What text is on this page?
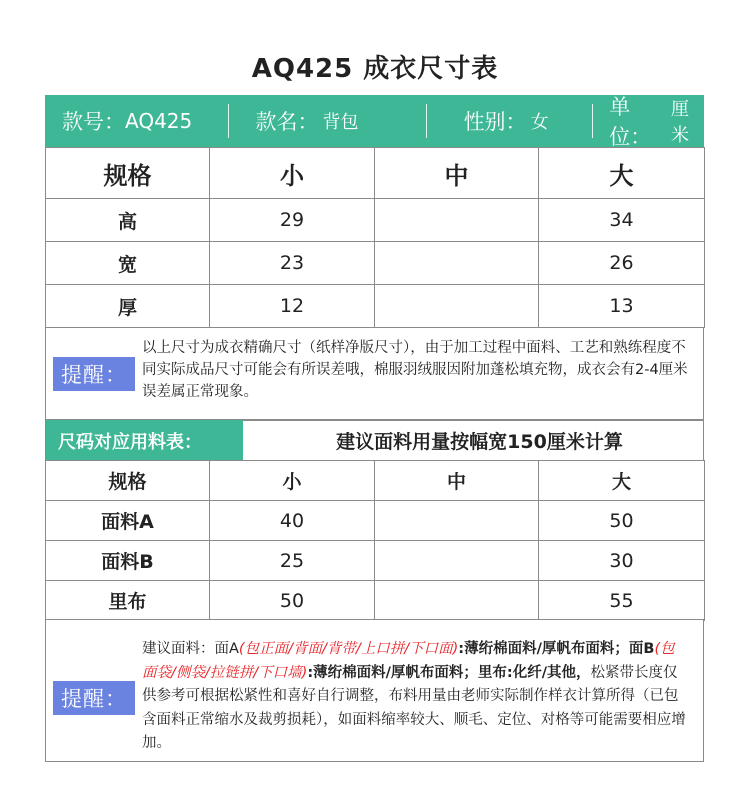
AQ425 成衣尺寸表
款号： AQ425	款名： 背包	性别： 女
单位：
厘米
规格	小	中	大
高	29		34
宽	23		26
厚	12		13
提醒：
以上尺寸为成衣精确尺寸（纸样净版尺寸），由于加工过程中面料、工艺和熟练程度不同实际成品尺寸可能会有所误差哦，棉服羽绒服因附加蓬松填充物，成衣会有2-4厘米误差属正常现象。
尺码对应用料表：	建议面料用量按幅宽150厘米计算
规格	小	中	大
面料A	40		50
面料B	25		30
里布	50		55
提醒：
建议面料：面A(包正面/背面/背带/上口拼/下口面):薄绗棉面料/厚帆布面料；面B(包面袋/侧袋/拉链拼/下口墙):薄绗棉面料/厚帆布面料；里布:化纤/其他，松紧带长度仅供参考可根据松紧性和喜好自行调整，布料用量由老师实际制作样衣计算所得（已包含面料正常缩水及裁剪损耗），如面料缩率较大、顺毛、定位、对格等可能需要相应增加。
